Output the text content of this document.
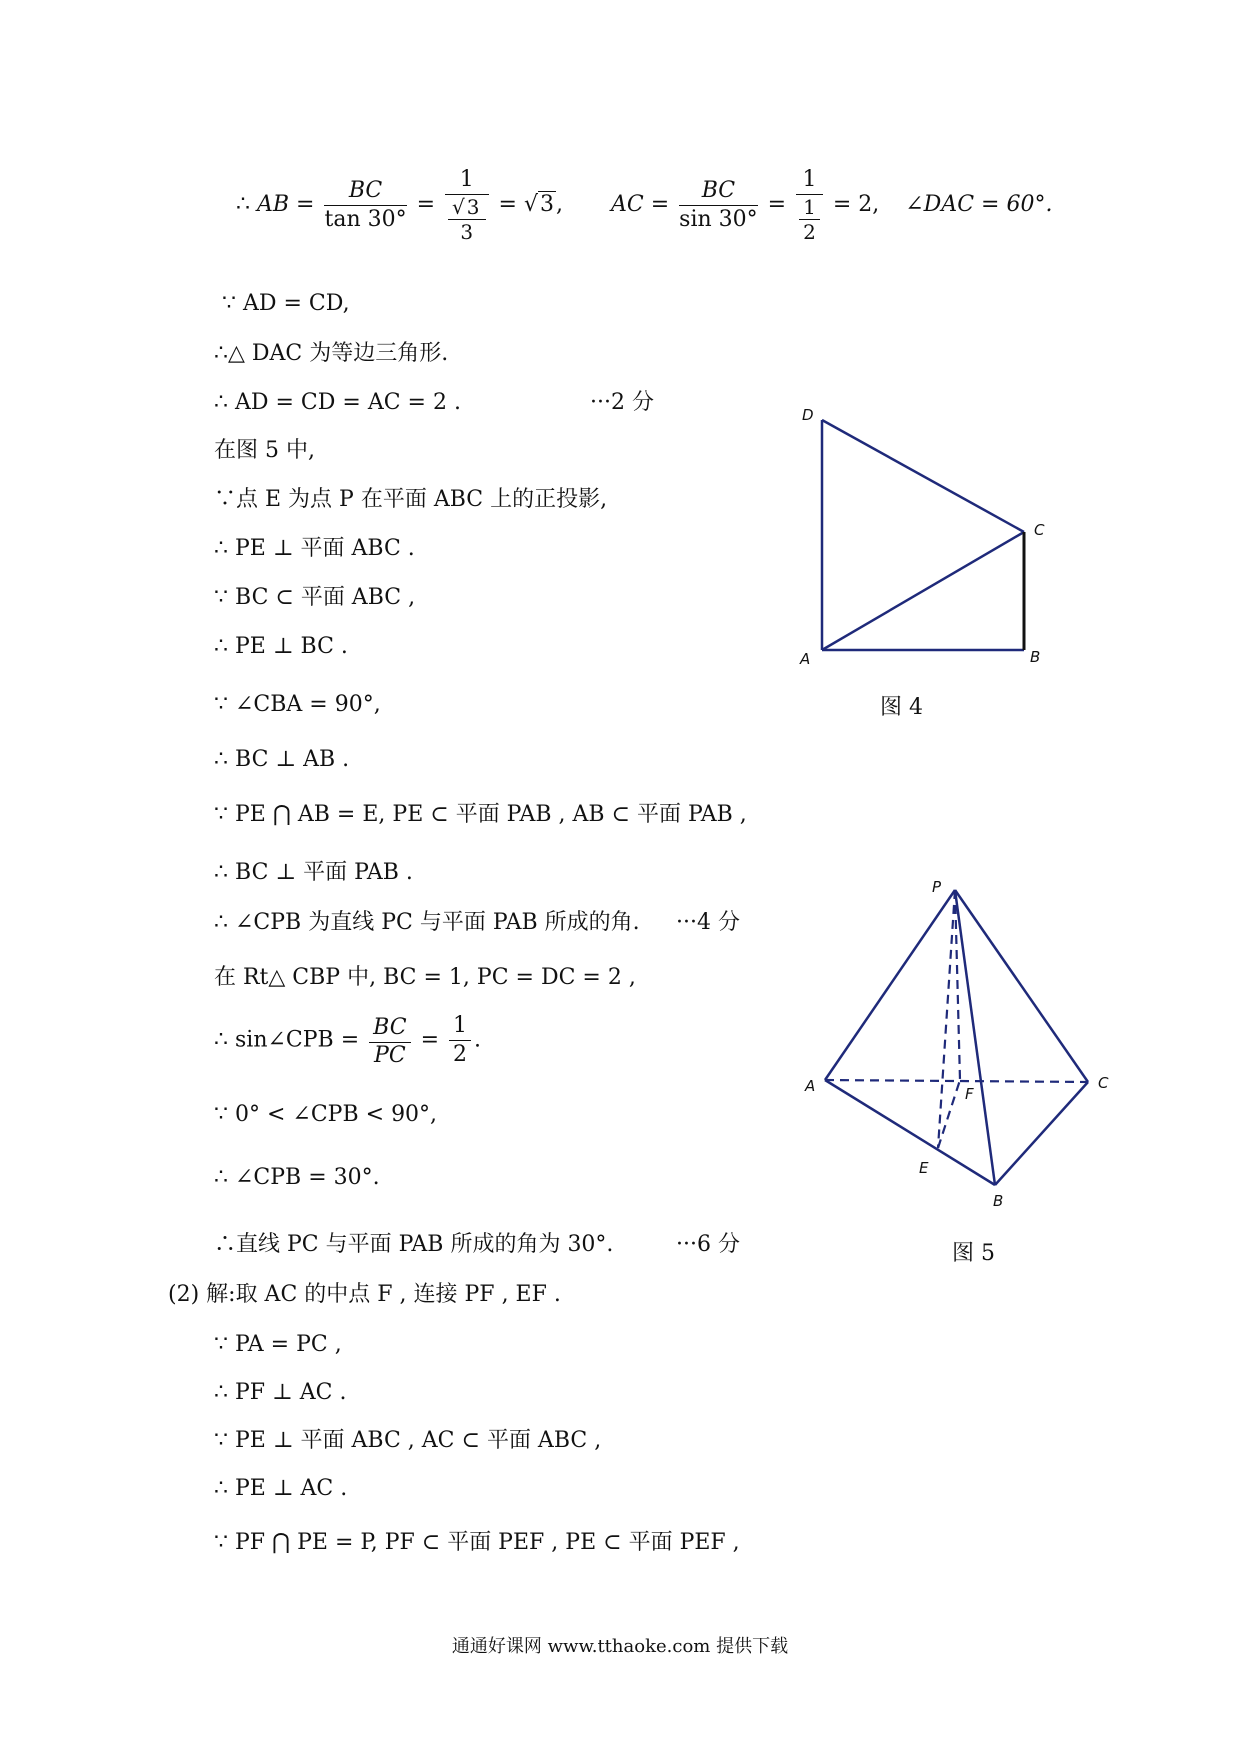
∴ AB = $\frac{BC}{\tan 30^\circ} = \frac{1}{\frac{√ 3}{3}} = √3$, AC = $\frac{BC}{\sin 30^\circ} = \frac{1}{\frac{1}{2}} = 2$, ∠DAC = 60°.
∵ AD = CD,
∴△ DAC 为等边三角形.
∴ AD = CD = AC = 2 .	···2 分
在图 5 中,
∵点 E 为点 P 在平面 ABC 上的正投影,
∴ PE ⊥ 平面 ABC .
∵ BC ⊂ 平面 ABC ,
∴ PE ⊥ BC .
∵ ∠CBA = 90°,
∴ BC ⊥ AB .
∵ PE ⋂ AB = E, PE ⊂ 平面 PAB , AB ⊂ 平面 PAB ,
∴ BC ⊥ 平面 PAB .
∴ ∠CPB 为直线 PC 与平面 PAB 所成的角. ···4 分
在 Rt△ CBP 中, BC = 1, PC = DC = 2 ,
∴ sin∠CPB = $\frac{BC}{PC} = \frac{1}{2}$ .
∵ 0° < ∠CPB < 90°,
∴ ∠CPB = 30°.
∴直线 PC 与平面 PAB 所成的角为 30°.	···6 分
(2) 解:取 AC 的中点 F , 连接 PF , EF .
∵ PA = PC ,
∴ PF ⊥ AC .
∵ PE ⊥ 平面 ABC , AC ⊂ 平面 ABC ,
∴ PE ⊥ AC .
∵ PF ⋂ PE = P, PF ⊂ 平面 PEF , PE ⊂ 平面 PEF ,
D
C
A	B
图 4
P
A	C
F
E
B
图 5
通通好课网 www.tthaoke.com 提供下载
